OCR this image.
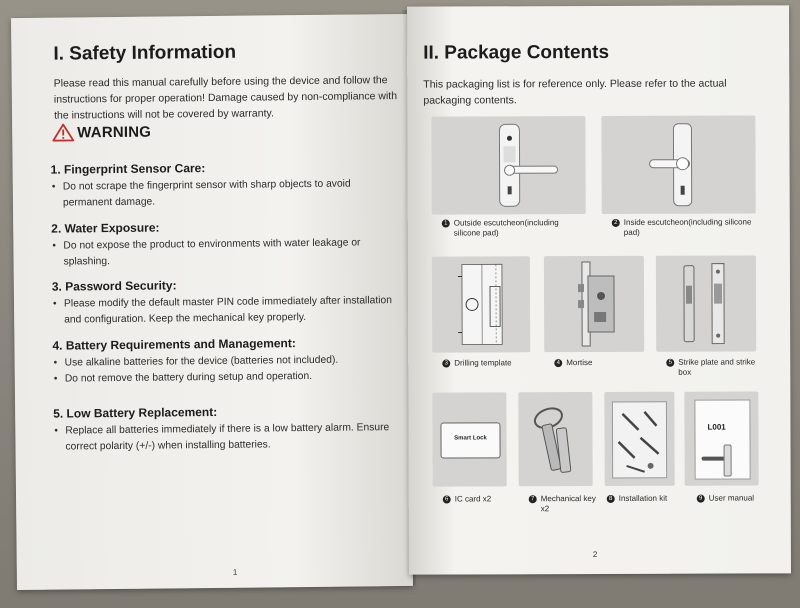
I. Safety Information
Please read this manual carefully before using the device and follow the instructions for proper operation! Damage caused by non-compliance with the instructions will not be covered by warranty.
WARNING
1. Fingerprint Sensor Care:
• Do not scrape the fingerprint sensor with sharp objects to avoid permanent damage.
2. Water Exposure:
• Do not expose the product to environments with water leakage or splashing.
3. Password Security:
• Please modify the default master PIN code immediately after installation and configuration. Keep the mechanical key properly.
4. Battery Requirements and Management:
• Use alkaline batteries for the device (batteries not included).
• Do not remove the battery during setup and operation.
5. Low Battery Replacement:
• Replace all batteries immediately if there is a low battery alarm. Ensure correct polarity (+/-) when installing batteries.
1
II. Package Contents
This packaging list is for reference only. Please refer to the actual packaging contents.
1 Outside escutcheon(including silicone pad)
2 Inside escutcheon(including silicone pad)
3 Drilling template	4 Mortise	5 Strike plate and strike box
Smart Lock
6 IC card x2	7 Mechanical key x2
8 Installation kit
L001
9 User manual
2
